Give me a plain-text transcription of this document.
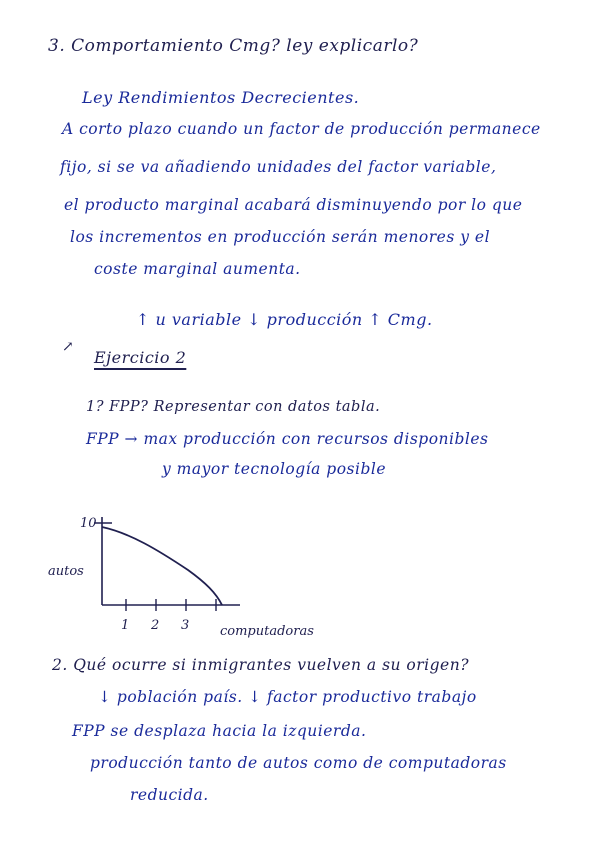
3. Comportamiento Cmg? ley explicarlo?
Ley Rendimientos Decrecientes.
A corto plazo cuando un factor de producción permanece
fijo, si se va añadiendo unidades del factor variable,
el producto marginal acabará disminuyendo por lo que
los incrementos en producción serán menores y el
coste marginal aumenta.
↑ u variable ↓ producción ↑ Cmg.
↗
Ejercicio 2
1? FPP? Representar con datos tabla.
FPP → max producción con recursos disponibles
y mayor tecnología posible
10
autos
1 2 3 computadoras
2. Qué ocurre si inmigrantes vuelven a su origen?
↓ población país. ↓ factor productivo trabajo
FPP se desplaza hacia la izquierda.
producción tanto de autos como de computadoras
reducida.
